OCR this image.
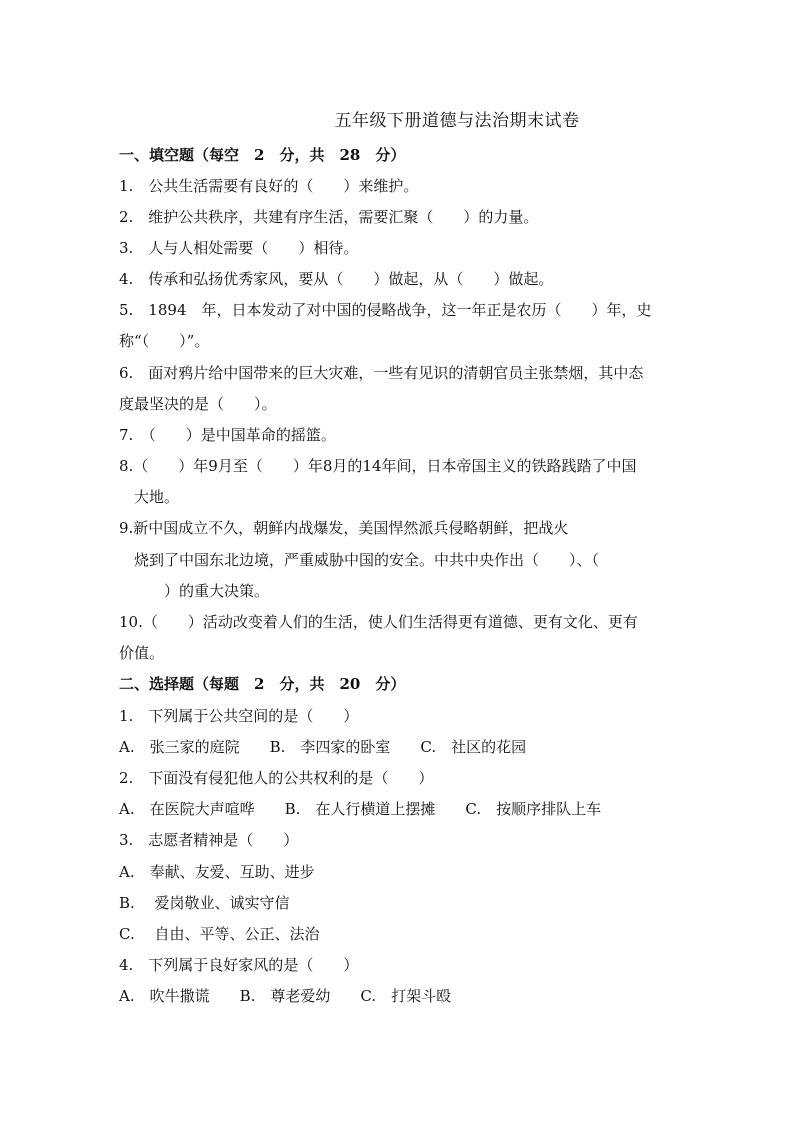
五年级下册道德与法治期末试卷
一、填空题（每空　2　分，共　28　分）
1.　公共生活需要有良好的（　　）来维护。
2.　维护公共秩序，共建有序生活，需要汇聚（　　）的力量。
3.　人与人相处需要（　　）相待。
4.　传承和弘扬优秀家风，要从（　　）做起，从（　　）做起。
5.　1894　年，日本发动了对中国的侵略战争，这一年正是农历（　　）年，史
称“（　　）”。
6.　面对鸦片给中国带来的巨大灾难，一些有见识的清朝官员主张禁烟，其中态
度最坚决的是（　　）。
7.　（　　）是中国革命的摇篮。
8.（　　）年9月至（　　）年8月的14年间，日本帝国主义的铁路践踏了中国
大地。
9.新中国成立不久，朝鲜内战爆发，美国悍然派兵侵略朝鲜，把战火
烧到了中国东北边境，严重威胁中国的安全。中共中央作出（　　）、（
　　）的重大决策。
10.（　　）活动改变着人们的生活，使人们生活得更有道德、更有文化、更有
价值。
二、选择题（每题　2　分，共　20　分）
1.　下列属于公共空间的是（　　）
A.　张三家的庭院　　B.　李四家的卧室　　C.　社区的花园
2.　下面没有侵犯他人的公共权利的是（　　）
A.　在医院大声喧哗　　B.　在人行横道上摆摊　　C.　按顺序排队上车
3.　志愿者精神是（　　）
A.　奉献、友爱、互助、进步
B.　 爱岗敬业、诚实守信
C.　 自由、平等、公正、法治
4.　下列属于良好家风的是（　　）
A.　吹牛撒谎　　B.　尊老爱幼　　C.　打架斗殴
